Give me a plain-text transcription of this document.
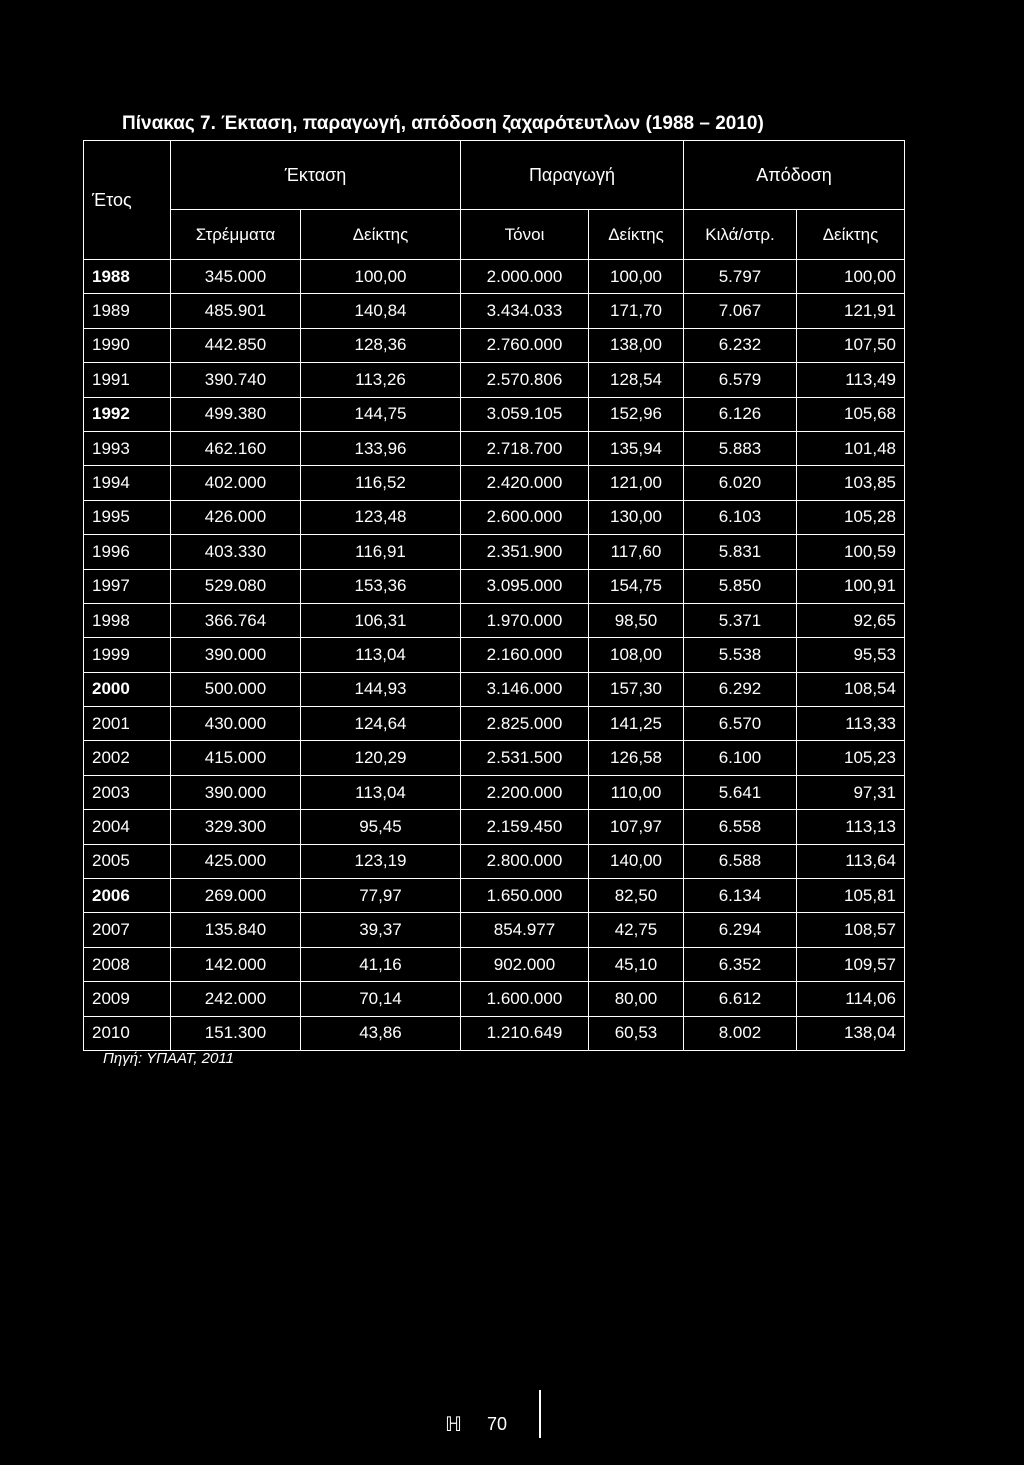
Πίνακας 7. Έκταση, παραγωγή, απόδοση ζαχαρότευτλων (1988 – 2010)
Έτος	Έκταση		Παραγωγή		Απόδοση	
	Στρέμματα	Δείκτης	Τόνοι	Δείκτης	Κιλά/στρ.	Δείκτης
1988	345.000	100,00	2.000.000	100,00	5.797	100,00
1989	485.901	140,84	3.434.033	171,70	7.067	121,91
1990	442.850	128,36	2.760.000	138,00	6.232	107,50
1991	390.740	113,26	2.570.806	128,54	6.579	113,49
1992	499.380	144,75	3.059.105	152,96	6.126	105,68
1993	462.160	133,96	2.718.700	135,94	5.883	101,48
1994	402.000	116,52	2.420.000	121,00	6.020	103,85
1995	426.000	123,48	2.600.000	130,00	6.103	105,28
1996	403.330	116,91	2.351.900	117,60	5.831	100,59
1997	529.080	153,36	3.095.000	154,75	5.850	100,91
1998	366.764	106,31	1.970.000	98,50	5.371	92,65
1999	390.000	113,04	2.160.000	108,00	5.538	95,53
2000	500.000	144,93	3.146.000	157,30	6.292	108,54
2001	430.000	124,64	2.825.000	141,25	6.570	113,33
2002	415.000	120,29	2.531.500	126,58	6.100	105,23
2003	390.000	113,04	2.200.000	110,00	5.641	97,31
2004	329.300	95,45	2.159.450	107,97	6.558	113,13
2005	425.000	123,19	2.800.000	140,00	6.588	113,64
2006	269.000	77,97	1.650.000	82,50	6.134	105,81
2007	135.840	39,37	854.977	42,75	6.294	108,57
2008	142.000	41,16	902.000	45,10	6.352	109,57
2009	242.000	70,14	1.600.000	80,00	6.612	114,06
2010	151.300	43,86	1.210.649	60,53	8.002	138,04
Πηγή: ΥΠΑΑΤ, 2011
ℍ 70
